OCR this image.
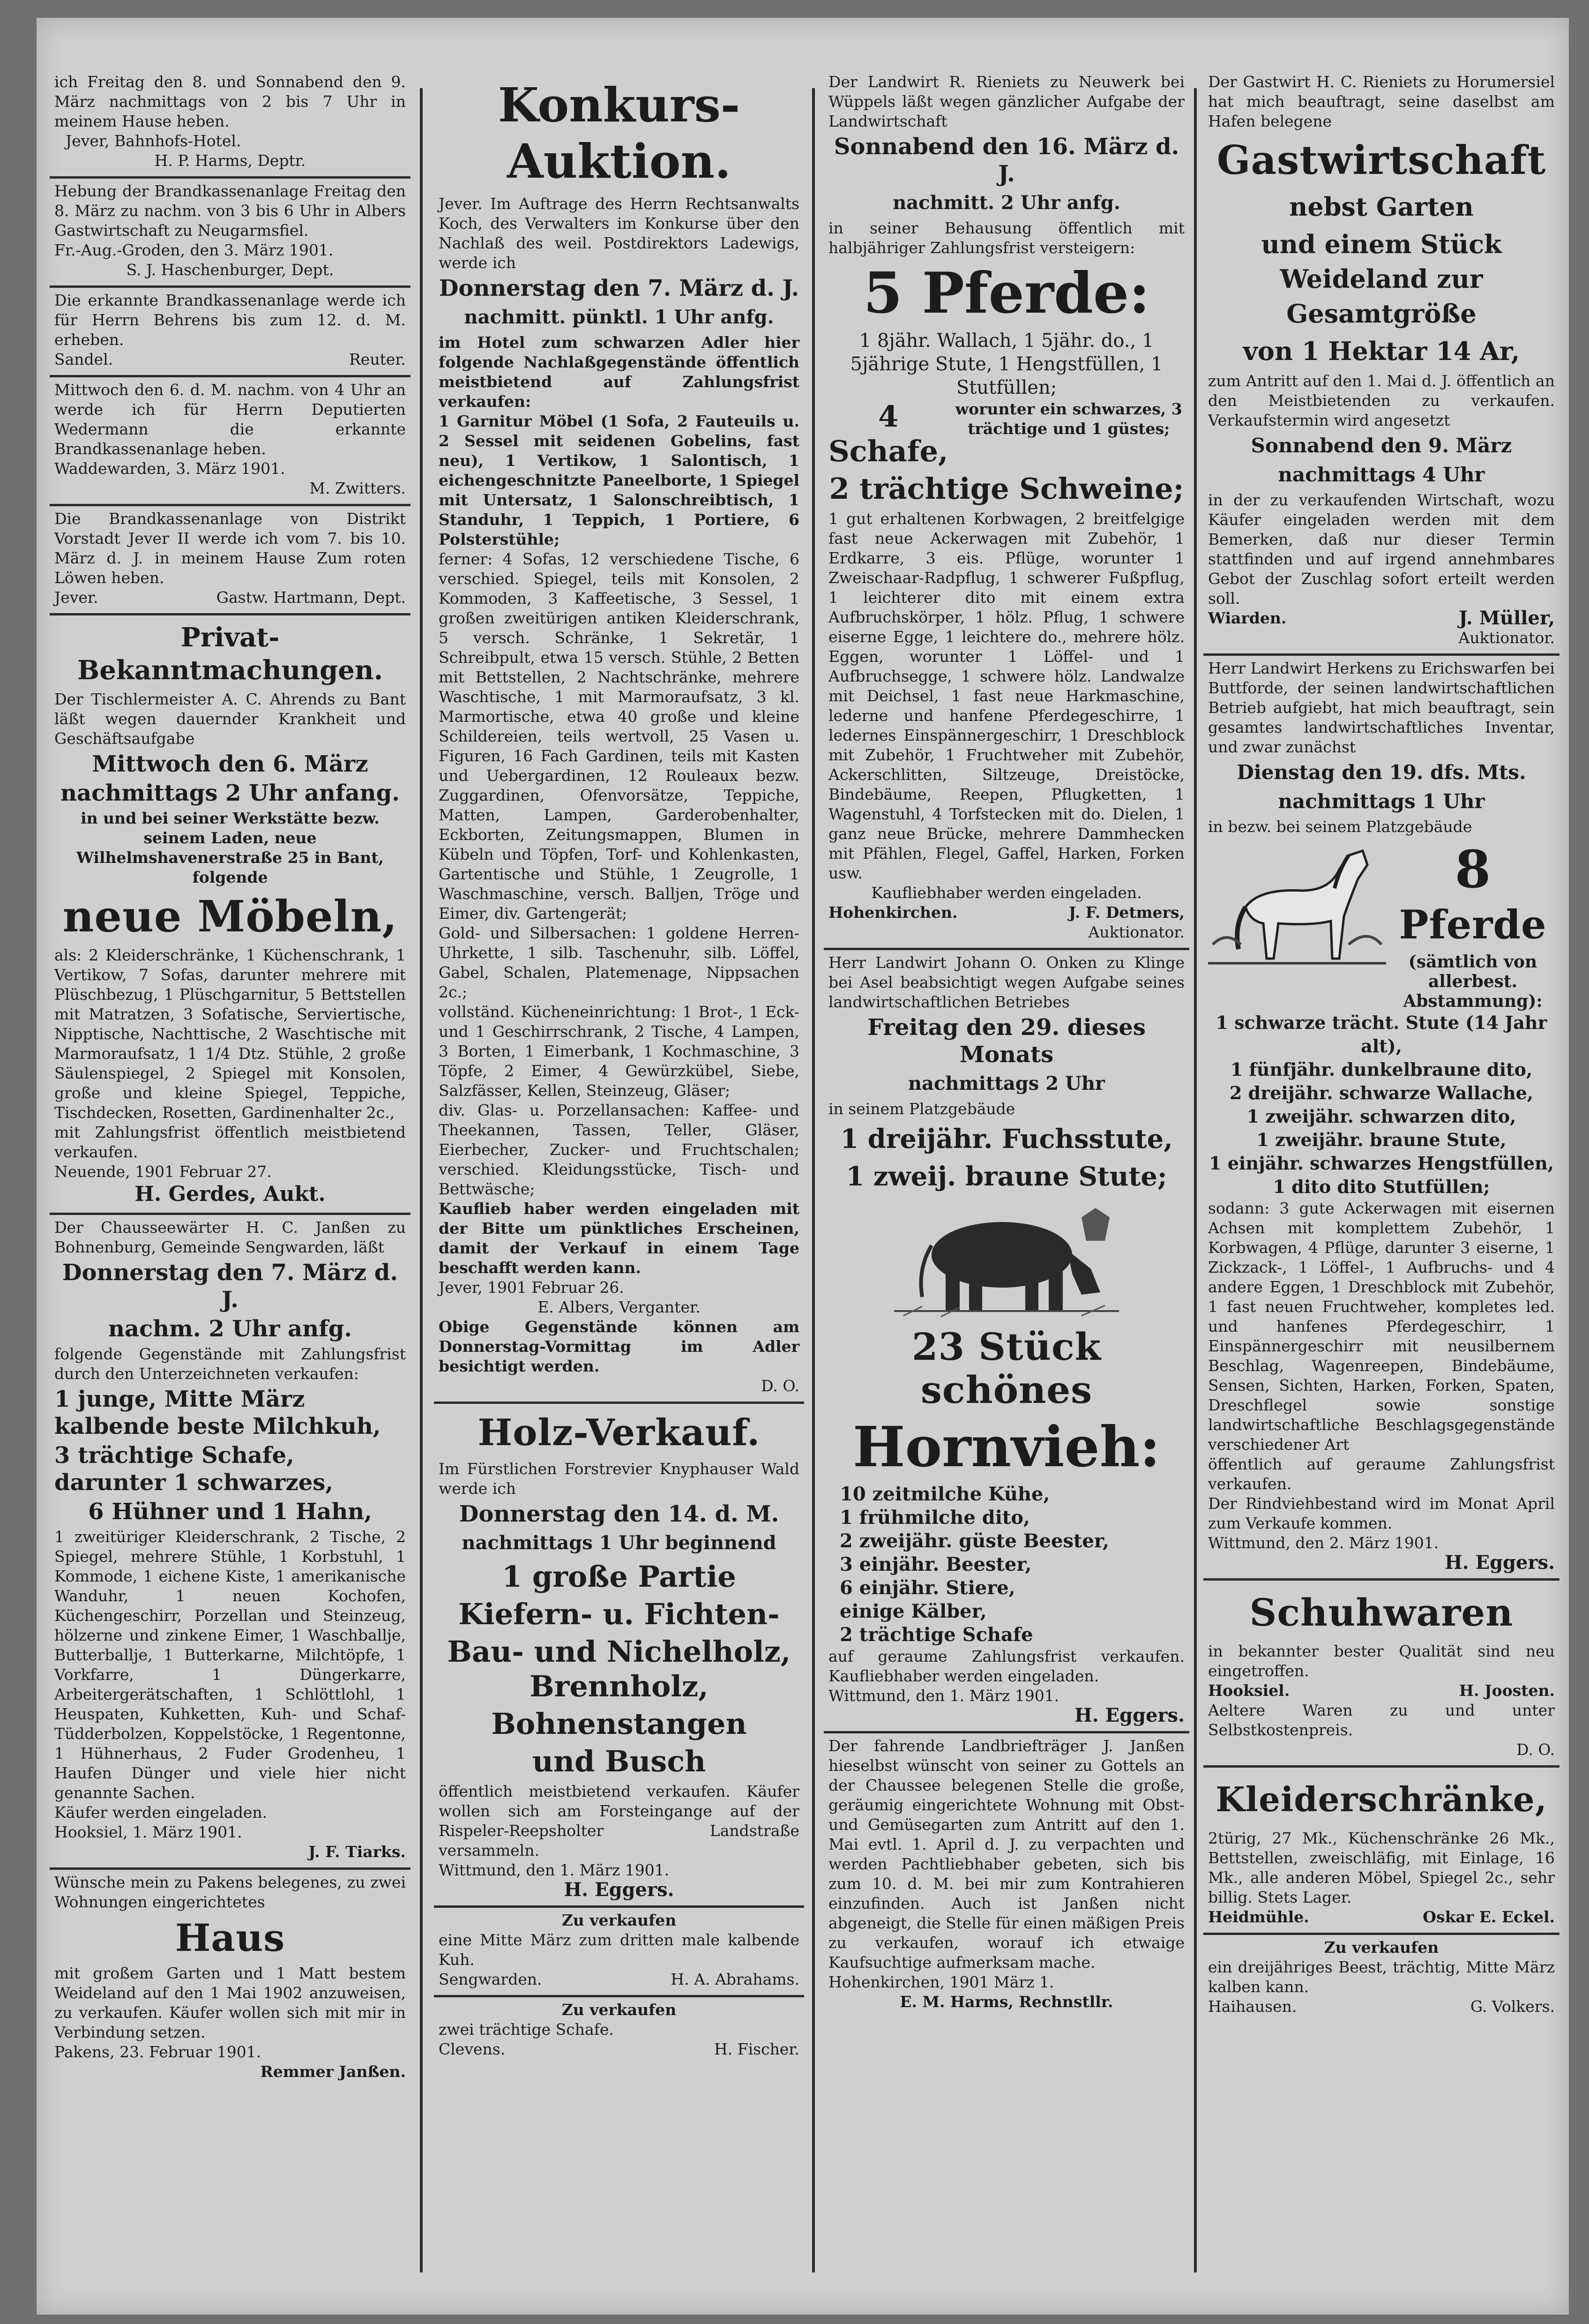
ich Freitag den 8. und Sonnabend den 9. März nachmittags von 2 bis 7 Uhr in meinem Hause heben.

Jever, Bahnhofs-Hotel.

H. P. Harms, Deptr.

Hebung der Brandkassenanlage Freitag den 8. März zu nachm. von 3 bis 6 Uhr in Albers Gastwirtschaft zu Neugarmsfiel.

Fr.-Aug.-Groden, den 3. März 1901.

S. J. Haschenburger, Dept.

Die erkannte Brandkassenanlage werde ich für Herrn Behrens bis zum 12. d. M. erheben.

Sandel.	Reuter.

Mittwoch den 6. d. M. nachm. von 4 Uhr an werde ich für Herrn Deputierten Wedermann die erkannte Brandkassenanlage heben.

Waddewarden, 3. März 1901.

M. Zwitters.

Die Brandkassenanlage von Distrikt Vorstadt Jever II werde ich vom 7. bis 10. März d. J. in meinem Hause Zum roten Löwen heben.

Jever.	Gastw. Hartmann, Dept.
Privat-Bekanntmachungen.

Der Tischlermeister A. C. Ahrends zu Bant läßt wegen dauernder Krankheit und Geschäftsaufgabe

Mittwoch den 6. März
nachmittags 2 Uhr anfang.

in und bei seiner Werkstätte bezw. seinem Laden, neue Wilhelmshavenerstraße 25 in Bant, folgende

neue Möbeln,

als: 2 Kleiderschränke, 1 Küchenschrank, 1 Vertikow, 7 Sofas, darunter mehrere mit Plüschbezug, 1 Plüschgarnitur, 5 Bettstellen mit Matratzen, 3 Sofatische, Serviertische, Nipptische, Nachttische, 2 Waschtische mit Marmoraufsatz, 1 1/4 Dtz. Stühle, 2 große Säulenspiegel, 2 Spiegel mit Konsolen, große und kleine Spiegel, Teppiche, Tischdecken, Rosetten, Gardinenhalter 2c.,

mit Zahlungsfrist öffentlich meistbietend verkaufen.

Neuende, 1901 Februar 27.

H. Gerdes, Aukt.

Der Chausseewärter H. C. Janßen zu Bohnenburg, Gemeinde Sengwarden, läßt

Donnerstag den 7. März d. J.
nachm. 2 Uhr anfg.

folgende Gegenstände mit Zahlungsfrist durch den Unterzeichneten verkaufen:

1 junge, Mitte März kalbende beste Milchkuh,
3 trächtige Schafe, darunter 1 schwarzes,
6 Hühner und 1 Hahn,

1 zweitüriger Kleiderschrank, 2 Tische, 2 Spiegel, mehrere Stühle, 1 Korbstuhl, 1 Kommode, 1 eichene Kiste, 1 amerikanische Wanduhr, 1 neuen Kochofen, Küchengeschirr, Porzellan und Steinzeug, hölzerne und zinkene Eimer, 1 Waschballje, Butterballje, 1 Butterkarne, Milchtöpfe, 1 Vorkfarre, 1 Düngerkarre, Arbeitergerätschaften, 1 Schlöttlohl, 1 Heuspaten, Kuhketten, Kuh- und Schaf-Tüdderbolzen, Koppelstöcke, 1 Regentonne, 1 Hühnerhaus, 2 Fuder Grodenheu, 1 Haufen Dünger und viele hier nicht genannte Sachen.

Käufer werden eingeladen.

Hooksiel, 1. März 1901.

J. F. Tiarks.

Wünsche mein zu Pakens belegenes, zu zwei Wohnungen eingerichtetes

Haus

mit großem Garten und 1 Matt bestem Weideland auf den 1 Mai 1902 anzuweisen, zu verkaufen. Käufer wollen sich mit mir in Verbindung setzen.

Pakens, 23. Februar 1901.

Remmer Janßen.

Konkurs-Auktion.

Jever. Im Auftrage des Herrn Rechtsanwalts Koch, des Verwalters im Konkurse über den Nachlaß des weil. Postdirektors Ladewigs, werde ich

Donnerstag den 7. März d. J.
nachmitt. pünktl. 1 Uhr anfg.

im Hotel zum schwarzen Adler hier folgende Nachlaßgegenstände öffentlich meistbietend auf Zahlungsfrist verkaufen:

1 Garnitur Möbel (1 Sofa, 2 Fauteuils u. 2 Sessel mit seidenen Gobelins, fast neu), 1 Vertikow, 1 Salontisch, 1 eichengeschnitzte Paneelborte, 1 Spiegel mit Untersatz, 1 Salonschreibtisch, 1 Standuhr, 1 Teppich, 1 Portiere, 6 Polsterstühle;

ferner: 4 Sofas, 12 verschiedene Tische, 6 verschied. Spiegel, teils mit Konsolen, 2 Kommoden, 3 Kaffeetische, 3 Sessel, 1 großen zweitürigen antiken Kleiderschrank, 5 versch. Schränke, 1 Sekretär, 1 Schreibpult, etwa 15 versch. Stühle, 2 Betten mit Bettstellen, 2 Nachtschränke, mehrere Waschtische, 1 mit Marmoraufsatz, 3 kl. Marmortische, etwa 40 große und kleine Schildereien, teils wertvoll, 25 Vasen u. Figuren, 16 Fach Gardinen, teils mit Kasten und Uebergardinen, 12 Rouleaux bezw. Zuggardinen, Ofenvorsätze, Teppiche, Matten, Lampen, Garderobenhalter, Eckborten, Zeitungsmappen, Blumen in Kübeln und Töpfen, Torf- und Kohlenkasten, Gartentische und Stühle, 1 Zeugrolle, 1 Waschmaschine, versch. Balljen, Tröge und Eimer, div. Gartengerät;

Gold- und Silbersachen: 1 goldene Herren-Uhrkette, 1 silb. Taschenuhr, silb. Löffel, Gabel, Schalen, Platemenage, Nippsachen 2c.;

vollständ. Kücheneinrichtung: 1 Brot-, 1 Eck- und 1 Geschirrschrank, 2 Tische, 4 Lampen, 3 Borten, 1 Eimerbank, 1 Kochmaschine, 3 Töpfe, 2 Eimer, 4 Gewürzkübel, Siebe, Salzfässer, Kellen, Steinzeug, Gläser;

div. Glas- u. Porzellansachen: Kaffee- und Theekannen, Tassen, Teller, Gläser, Eierbecher, Zucker- und Fruchtschalen; verschied. Kleidungsstücke, Tisch- und Bettwäsche;

Kauflieb haber werden eingeladen mit der Bitte um pünktliches Erscheinen, damit der Verkauf in einem Tage beschafft werden kann.

Jever, 1901 Februar 26.

E. Albers, Verganter.

Obige Gegenstände können am Donnerstag-Vormittag im Adler besichtigt werden.

D. O.

Holz-Verkauf.

Im Fürstlichen Forstrevier Knyphauser Wald werde ich

Donnerstag den 14. d. M.
nachmittags 1 Uhr beginnend
1 große Partie
Kiefern- u. Fichten-
Bau- und Nichelholz, Brennholz,
Bohnenstangen
und Busch

öffentlich meistbietend verkaufen. Käufer wollen sich am Forsteingange auf der Rispeler-Reepsholter Landstraße versammeln.

Wittmund, den 1. März 1901.

H. Eggers.

Zu verkaufen

eine Mitte März zum dritten male kalbende Kuh.

Sengwarden.	H. A. Abrahams.

Zu verkaufen

zwei trächtige Schafe.

Clevens.	H. Fischer.

Der Landwirt R. Rieniets zu Neuwerk bei Wüppels läßt wegen gänzlicher Aufgabe der Landwirtschaft

Sonnabend den 16. März d. J.
nachmitt. 2 Uhr anfg.

in seiner Behausung öffentlich mit halbjähriger Zahlungsfrist versteigern:

5 Pferde:

1 8jähr. Wallach, 1 5jähr. do., 1 5jährige Stute, 1 Hengstfüllen, 1 Stutfüllen;

4 Schafe,
worunter ein schwarzes, 3 trächtige und 1 güstes;
2 trächtige Schweine;

1 gut erhaltenen Korbwagen, 2 breitfelgige fast neue Ackerwagen mit Zubehör, 1 Erdkarre, 3 eis. Pflüge, worunter 1 Zweischaar-Radpflug, 1 schwerer Fußpflug, 1 leichterer dito mit einem extra Aufbruchskörper, 1 hölz. Pflug, 1 schwere eiserne Egge, 1 leichtere do., mehrere hölz. Eggen, worunter 1 Löffel- und 1 Aufbruchsegge, 1 schwere hölz. Landwalze mit Deichsel, 1 fast neue Harkmaschine, lederne und hanfene Pferdegeschirre, 1 ledernes Einspännergeschirr, 1 Dreschblock mit Zubehör, 1 Fruchtweher mit Zubehör, Ackerschlitten, Siltzeuge, Dreistöcke, Bindebäume, Reepen, Pflugketten, 1 Wagenstuhl, 4 Torfstecken mit do. Dielen, 1 ganz neue Brücke, mehrere Dammhecken mit Pfählen, Flegel, Gaffel, Harken, Forken usw.

Kaufliebhaber werden eingeladen.

Hohenkirchen.	J. F. Detmers,

Auktionator.

Herr Landwirt Johann O. Onken zu Klinge bei Asel beabsichtigt wegen Aufgabe seines landwirtschaftlichen Betriebes

Freitag den 29. dieses Monats
nachmittags 2 Uhr

in seinem Platzgebäude

1 dreijähr. Fuchsstute,
1 zweij. braune Stute;
23 Stück schönes
Hornvieh:
10 zeitmilche Kühe,
1 frühmilche dito,
2 zweijähr. güste Beester,
3 einjähr. Beester,
6 einjähr. Stiere,
einige Kälber,
2 trächtige Schafe

auf geraume Zahlungsfrist verkaufen. Kaufliebhaber werden eingeladen.

Wittmund, den 1. März 1901.

H. Eggers.

Der fahrende Landbriefträger J. Janßen hieselbst wünscht von seiner zu Gottels an der Chaussee belegenen Stelle die große, geräumig eingerichtete Wohnung mit Obst- und Gemüsegarten zum Antritt auf den 1. Mai evtl. 1. April d. J. zu verpachten und werden Pachtliebhaber gebeten, sich bis zum 10. d. M. bei mir zum Kontrahieren einzufinden. Auch ist Janßen nicht abgeneigt, die Stelle für einen mäßigen Preis zu verkaufen, worauf ich etwaige Kaufsuchtige aufmerksam mache.

Hohenkirchen, 1901 März 1.

E. M. Harms, Rechnstllr.

Der Gastwirt H. C. Rieniets zu Horumersiel hat mich beauftragt, seine daselbst am Hafen belegene

Gastwirtschaft
nebst Garten
und einem Stück Weideland zur Gesamtgröße
von 1 Hektar 14 Ar,

zum Antritt auf den 1. Mai d. J. öffentlich an den Meistbietenden zu verkaufen. Verkaufstermin wird angesetzt

Sonnabend den 9. März
nachmittags 4 Uhr

in der zu verkaufenden Wirtschaft, wozu Käufer eingeladen werden mit dem Bemerken, daß nur dieser Termin stattfinden und auf irgend annehmbares Gebot der Zuschlag sofort erteilt werden soll.

Wiarden.	J. Müller,

Auktionator.

Herr Landwirt Herkens zu Erichswarfen bei Buttforde, der seinen landwirtschaftlichen Betrieb aufgiebt, hat mich beauftragt, sein gesamtes landwirtschaftliches Inventar, und zwar zunächst

Dienstag den 19. dfs. Mts.
nachmittags 1 Uhr

in bezw. bei seinem Platzgebäude

8
Pferde

(sämtlich von allerbest. Abstammung):

1 schwarze trächt. Stute (14 Jahr alt),
1 fünfjähr. dunkelbraune dito,
2 dreijähr. schwarze Wallache,
1 zweijähr. schwarzen dito,
1 zweijähr. braune Stute,
1 einjähr. schwarzes Hengstfüllen,
1 dito dito Stutfüllen;

sodann: 3 gute Ackerwagen mit eisernen Achsen mit komplettem Zubehör, 1 Korbwagen, 4 Pflüge, darunter 3 eiserne, 1 Zickzack-, 1 Löffel-, 1 Aufbruchs- und 4 andere Eggen, 1 Dreschblock mit Zubehör, 1 fast neuen Fruchtweher, kompletes led. und hanfenes Pferdegeschirr, 1 Einspännergeschirr mit neusilbernem Beschlag, Wagenreepen, Bindebäume, Sensen, Sichten, Harken, Forken, Spaten, Dreschflegel sowie sonstige landwirtschaftliche Beschlagsgegenstände verschiedener Art

öffentlich auf geraume Zahlungsfrist verkaufen.

Der Rindviehbestand wird im Monat April zum Verkaufe kommen.

Wittmund, den 2. März 1901.

H. Eggers.

Schuhwaren

in bekannter bester Qualität sind neu eingetroffen.

Hooksiel.	H. Joosten.

Aeltere Waren zu und unter Selbstkostenpreis.

D. O.

Kleiderschränke,

2türig, 27 Mk., Küchenschränke 26 Mk., Bettstellen, zweischläfig, mit Einlage, 16 Mk., alle anderen Möbel, Spiegel 2c., sehr billig. Stets Lager.

Heidmühle.	Oskar E. Eckel.

Zu verkaufen

ein dreijähriges Beest, trächtig, Mitte März kalben kann.

Haihausen.	G. Volkers.
